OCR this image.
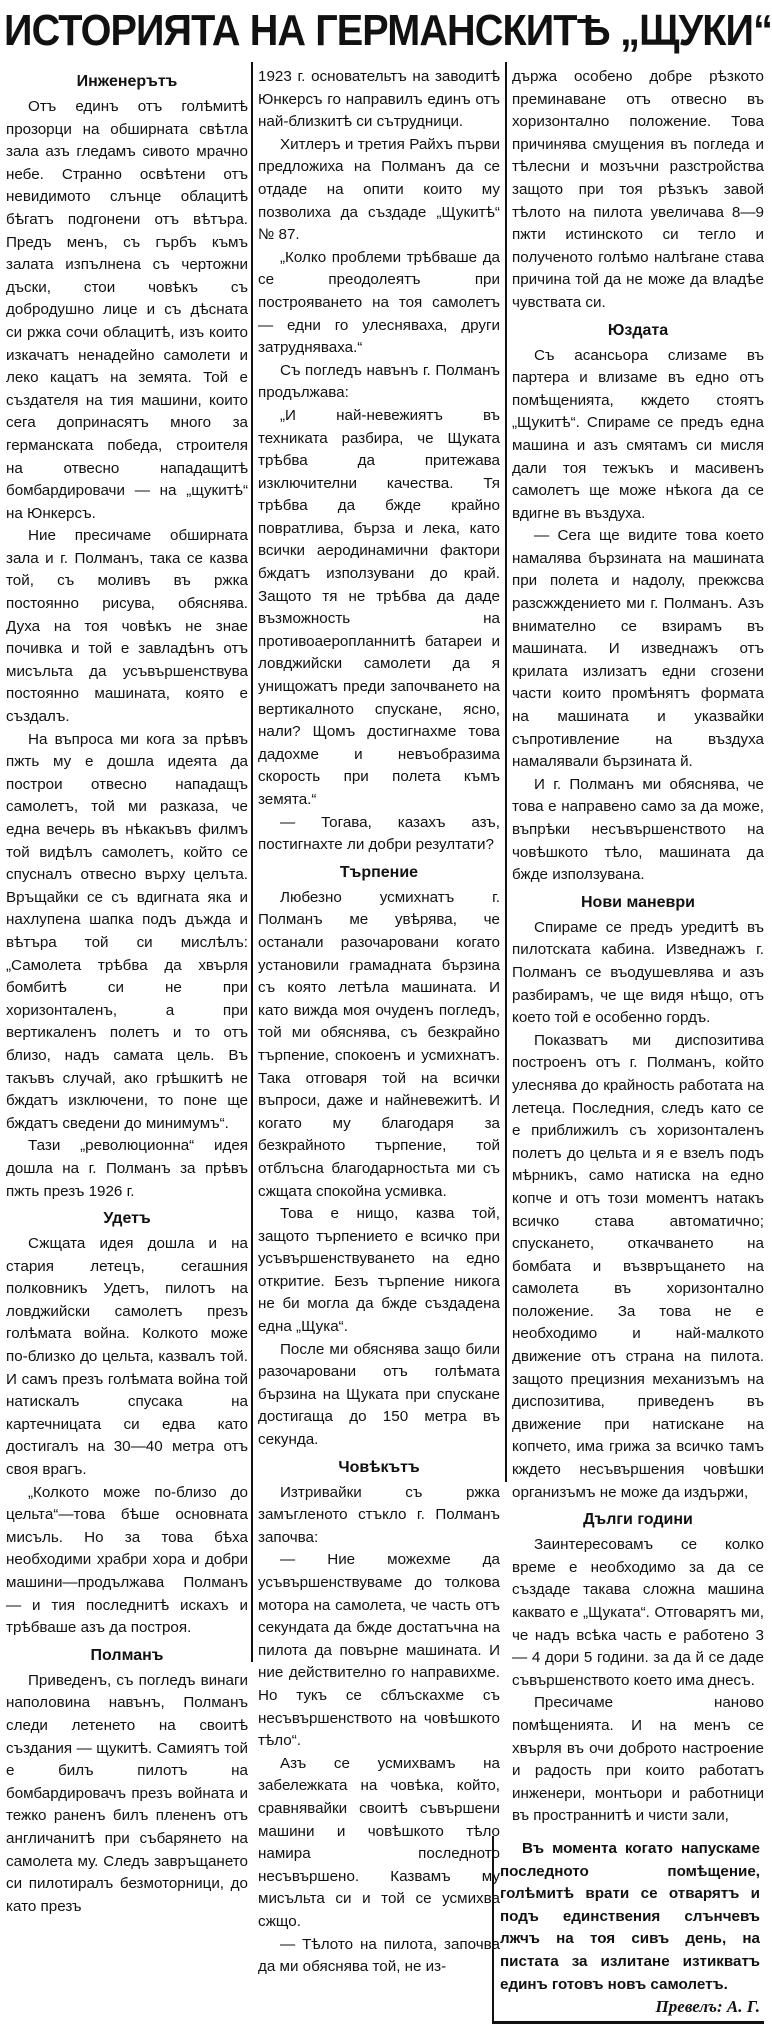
ИСТОРИЯТА НА ГЕРМАНСКИТѢ „ЩУКИ“
Инженерътъ

Отъ единъ отъ голѣмитѣ прозорци на обширната свѣтла зала азъ гледамъ сивото мрачно небе. Странно освѣтени отъ невидимото слънце облацитѣ бѣгатъ подгонени отъ вѣтъра. Предъ менъ, съ гърбъ къмъ залата изпълнена съ чертожни дъски, стои човѣкъ съ добродушно лице и съ дѣсната си ржка сочи облацитѣ, изъ които изкачатъ ненадейно самолети и леко кацатъ на земята. Той е създателя на тия машини, които сега допринасятъ много за германската победа, строителя на отвесно нападащитѣ бомбардировачи — на „щукитѣ“ на Юнкерсъ.

Ние пресичаме обширната зала и г. Полманъ, така се казва той, съ моливъ въ ржка постоянно рисува, обяснява. Духа на тоя човѣкъ не знае почивка и той е завладѣнъ отъ мисъльта да усъвършенствува постоянно машината, която е създалъ.

На въпроса ми кога за прѣвъ пжть му е дошла идеята да построи отвесно нападащъ самолетъ, той ми разказа, че една вечерь въ нѣкакъвъ филмъ той видѣлъ самолетъ, който се спусналъ отвесно върху целъта. Връщайки се съ вдигната яка и нахлупена шапка подъ дъжда и вѣтъра той си мислѣлъ: „Самолета трѣбва да хвърля бомбитѣ си не при хоризонталенъ, а при вертикаленъ полетъ и то отъ близо, надъ самата цель. Въ такъвъ случай, ако грѣшкитѣ не бждатъ изключени, то поне ще бждатъ сведени до минимумъ“.

Тази „революционна“ идея дошла на г. Полманъ за прѣвъ пжть презъ 1926 г.

Удетъ

Сжщата идея дошла и на стария летецъ, сегашния полковникъ Удетъ, пилотъ на ловджийски самолетъ презъ голѣмата война. Колкото може по-близко до цельта, казвалъ той. И самъ презъ голѣмата война той натискалъ спусака на картечницата си едва като достигалъ на 30—40 метра отъ своя врагъ.

„Колкото може по-близо до цельта“—това бѣше основната мисъль. Но за това бѣха необходими храбри хора и добри машини—продължава Полманъ — и тия последнитѣ искахъ и трѣбваше азъ да построя.

Полманъ

Приведенъ, съ погледъ винаги наполовина навънъ, Полманъ следи летенето на своитѣ създания — щукитѣ. Самиятъ той е билъ пилотъ на бомбардировачъ презъ войната и тежко раненъ билъ плененъ отъ англичанитѣ при събарянето на самолета му. Следъ завръщането си пилотиралъ безмоторници, до като презъ

1923 г. основательтъ на заводитѣ Юнкерсъ го направилъ единъ отъ най-близкитѣ си сътрудници.

Хитлеръ и третия Райхъ първи предложиха на Полманъ да се отдаде на опити които му позволиха да създаде „Щукитѣ“ № 87.

„Колко проблеми трѣбваше да се преодолеятъ при построяването на тоя самолетъ — едни го улесняваха, други затрудняваха.“

Съ погледъ навънъ г. Полманъ продължава:

„И най-невежиятъ въ техниката разбира, че Щуката трѣбва да притежава изключителни качества. Тя трѣбва да бжде крайно повратлива, бърза и лека, като всички аеродинамични фактори бждатъ използувани до край. Защото тя не трѣбва да даде възможность на противоаеропланнитѣ батареи и ловджийски самолети да я унищожатъ преди започването на вертикалното спускане, ясно, нали? Щомъ достигнахме това дадохме и невъобразима скорость при полета къмъ земята.“

— Тогава, казахъ азъ, постигнахте ли добри резултати?

Търпение

Любезно усмихнатъ г. Полманъ ме увѣрява, че останали разочаровани когато установили грамадната бързина съ която летѣла машината. И като вижда моя очуденъ погледъ, той ми обяснява, съ безкрайно търпение, спокоенъ и усмихнатъ. Така отговаря той на всички въпроси, даже и найневежитѣ. И когато му благодаря за безкрайното търпение, той отблъсна благодарностьта ми съ сжщата спокойна усмивка.

Това е нищо, казва той, защото търпението е всичко при усъвършенствуването на едно откритие. Безъ търпение никога не би могла да бжде създадена една „Щука“.

После ми обяснява защо били разочаровани отъ голѣмата бързина на Щуката при спускане достигаща до 150 метра въ секунда.

Човѣкътъ

Изтривайки съ ржка замъгленото стъкло г. Полманъ започва:

— Ние можехме да усъвършенствуваме до толкова мотора на самолета, че часть отъ секундата да бжде достатъчна на пилота да повърне машината. И ние действително го направихме. Но тукъ се сблъскахме съ несъвършенството на човѣшкото тѣло“.

Азъ се усмихвамъ на забележката на човѣка, който, сравнявайки своитѣ съвършени машини и човѣшкото тѣло намира последното несъвършено. Казвамъ му мисъльта си и той се усмихва сжщо.

— Тѣлото на пилота, започва да ми обяснява той, не из-

държа особено добре рѣзкото преминаване отъ отвесно въ хоризонтално положение. Това причинява смущения въ погледа и тѣлесни и мозъчни разстройства защото при тоя рѣзъкъ завой тѣлото на пилота увеличава 8—9 пжти истинското си тегло и полученото голѣмо налѣгане става причина той да не може да владѣе чувствата си.

Юздата

Съ асансьора слизаме въ партера и влизаме въ едно отъ помѣщенията, кждето стоятъ „Щукитѣ“. Спираме се предъ една машина и азъ смятамъ си мисля дали тоя тежъкъ и масивенъ самолетъ ще може нѣкога да се вдигне въ въздуха.

— Сега ще видите това което намалява бързината на машината при полета и надолу, прекжсва разсжждението ми г. Полманъ. Азъ внимателно се взирамъ въ машината. И изведнажъ отъ крилата излизатъ едни сгозени части които промѣнятъ формата на машината и указвайки съпротивление на въздуха намалявали бързината й.

И г. Полманъ ми обяснява, че това е направено само за да може, въпрѣки несъвършенството на човѣшкото тѣло, машината да бжде използувана.

Нови маневри

Спираме се предъ уредитѣ въ пилотската кабина. Изведнажъ г. Полманъ се въодушевлява и азъ разбирамъ, че ще видя нѣщо, отъ което той е особенно гордъ.

Показватъ ми диспозитива построенъ отъ г. Полманъ, който улеснява до крайность работата на летеца. Последния, следъ като се е приближилъ съ хоризонталенъ полетъ до цельта и я е взелъ подъ мѣрникъ, само натиска на едно копче и отъ този моментъ натакъ всичко става автоматично; спускането, откачването на бомбата и възвръщането на самолета въ хоризонтално положение. За това не е необходимо и най-малкото движение отъ страна на пилота. защото прецизния механизъмъ на диспозитива, приведенъ въ движение при натискане на копчето, има грижа за всичко тамъ кждето несъвършения човѣшки организъмъ не може да издържи,

Дълги години

Заинтересовамъ се колко време е необходимо за да се създаде такава сложна машина каквато е „Щуката“. Отговарятъ ми, че надъ всѣка часть е работено 3 — 4 дори 5 години. за да й се даде съвършенството което има днесъ.

Пресичаме наново помѣщенията. И на менъ се хвърля въ очи доброто настроение и радость при които работатъ инженери, монтьори и работници въ пространнитѣ и чисти зали,

Въ момента когато напускаме последното помѣщение, голѣмитѣ врати се отварятъ и подъ единствения слънчевъ лжчъ на тоя сивъ день, на пистата за излитане изтикватъ единъ готовъ новъ самолетъ.

Превелъ: А. Г.
